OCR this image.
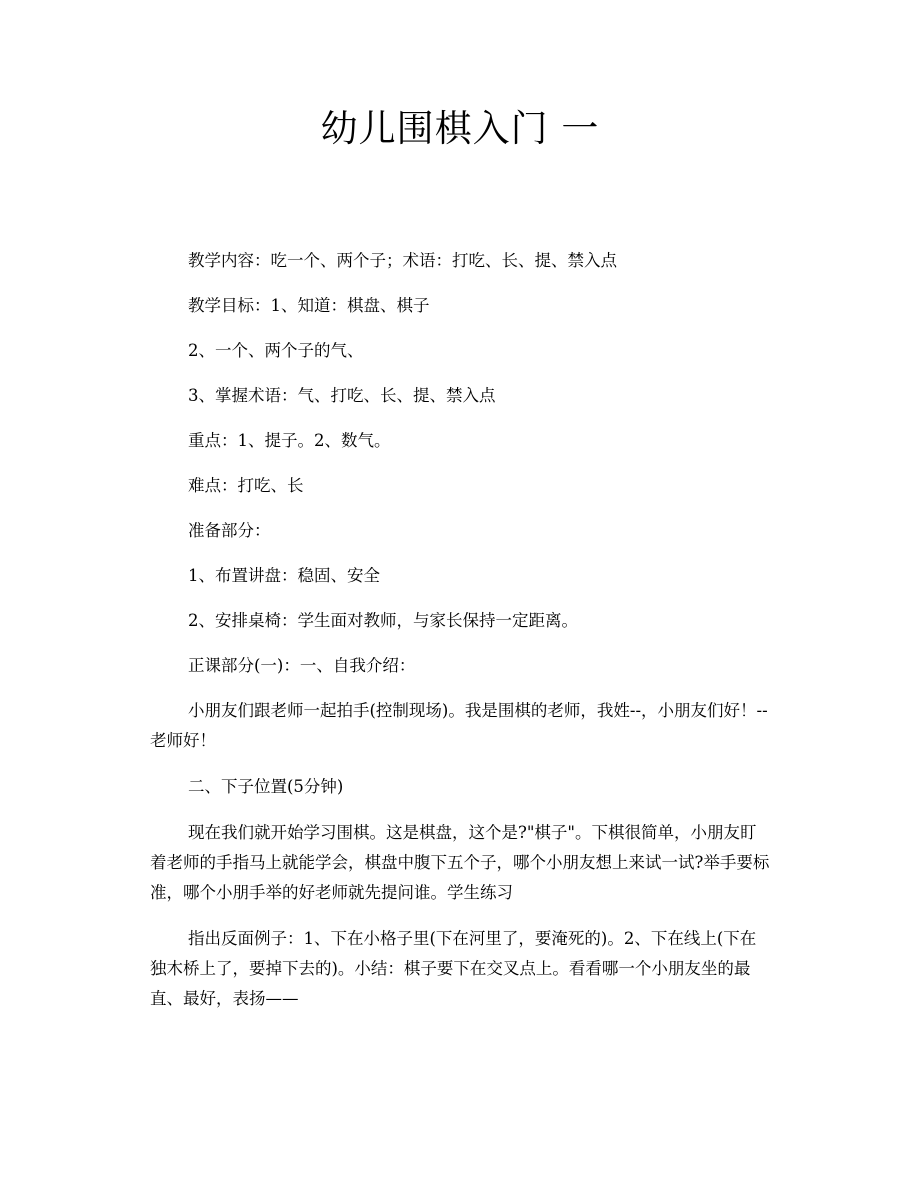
幼儿围棋入门 一

教学内容：吃一个、两个子；术语：打吃、长、提、禁入点

教学目标：1、知道：棋盘、棋子

2、一个、两个子的气、

3、掌握术语：气、打吃、长、提、禁入点

重点：1、提子。2、数气。

难点：打吃、长

准备部分：

1、布置讲盘：稳固、安全

2、安排桌椅：学生面对教师，与家长保持一定距离。

正课部分(一)：一、自我介绍：

小朋友们跟老师一起拍手(控制现场)。我是围棋的老师，我姓--，小朋友们好！--老师好！

二、下子位置(5分钟)

现在我们就开始学习围棋。这是棋盘，这个是?"棋子"。下棋很简单，小朋友盯着老师的手指马上就能学会，棋盘中腹下五个子，哪个小朋友想上来试一试?举手要标准，哪个小朋手举的好老师就先提问谁。学生练习

指出反面例子：1、下在小格子里(下在河里了，要淹死的)。2、下在线上(下在独木桥上了，要掉下去的)。小结：棋子要下在交叉点上。看看哪一个小朋友坐的最直、最好，表扬——
